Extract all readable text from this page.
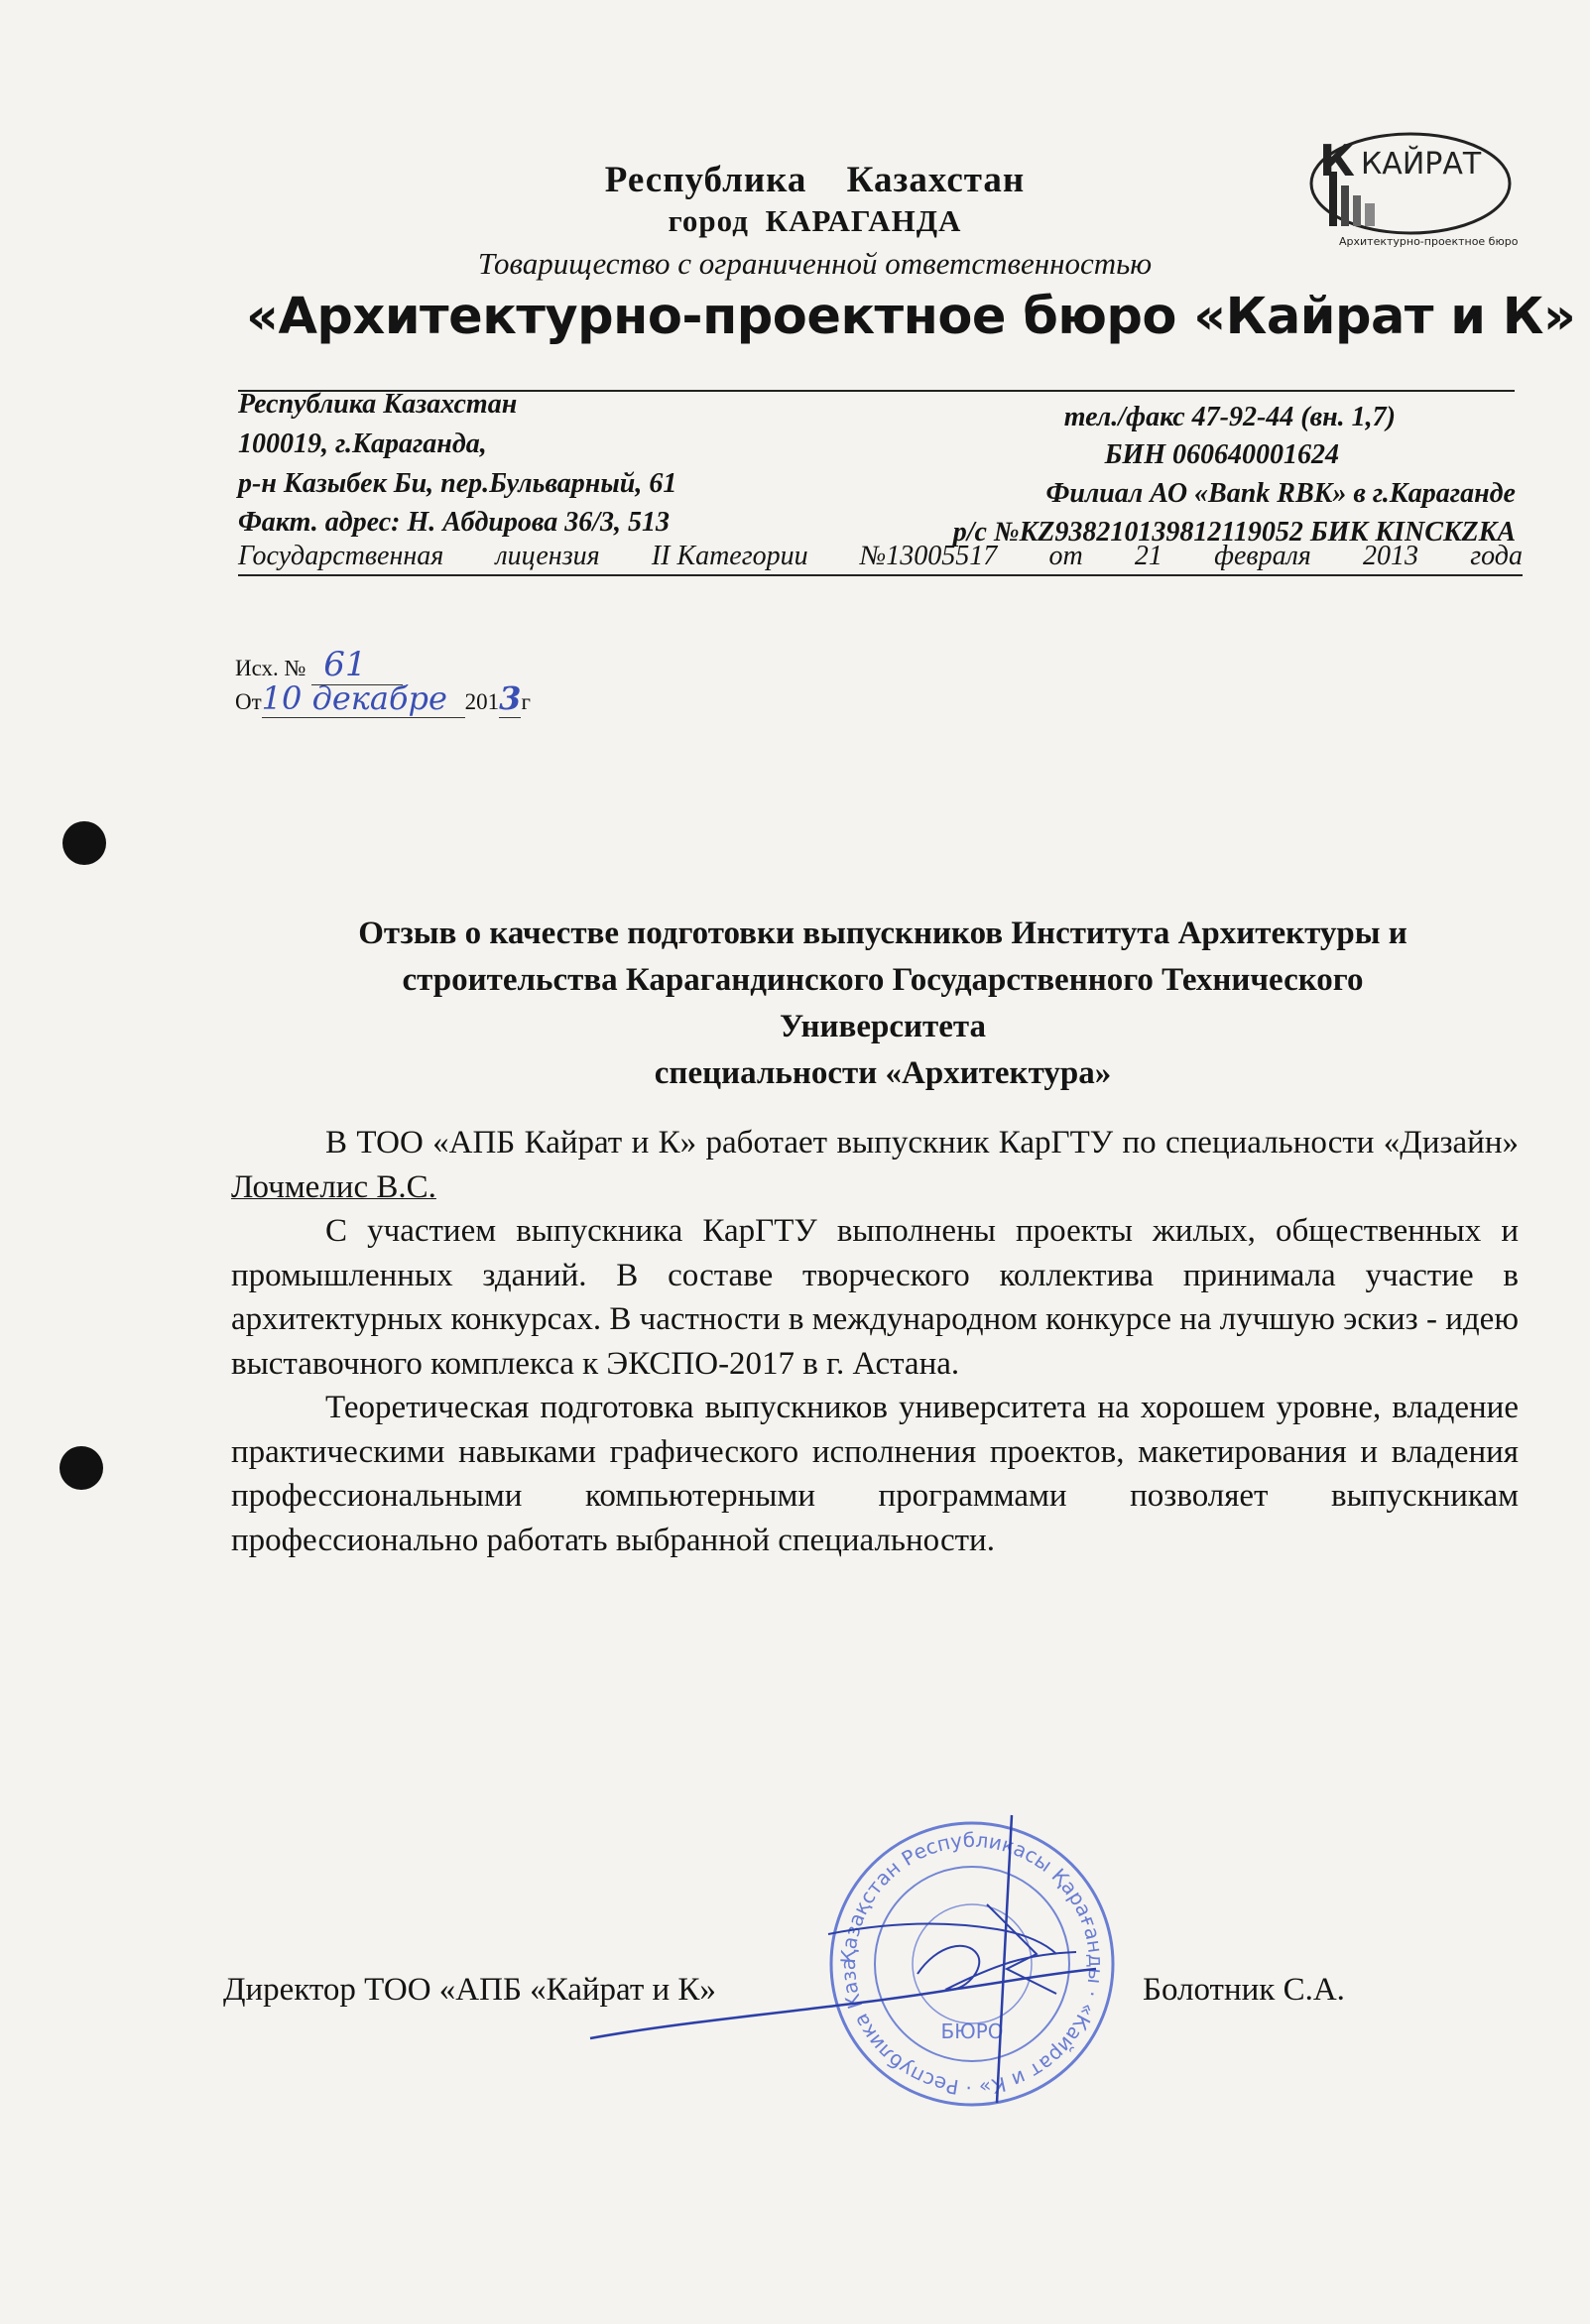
К КАЙРАТ
Архитектурно-проектное бюро
Республика Казахстан
город КАРАГАНДА
Товарищество с ограниченной ответственностью
«Архитектурно-проектное бюро «Кайрат и К»
Республика Казахстан
100019, г.Караганда,
р-н Казыбек Би, пер.Бульварный, 61
Факт. адрес: Н. Абдирова 36/3, 513
тел./факс 47-92-44 (вн. 1,7)
БИН 060640001624
Филиал АО «Bank RBK» в г.Караганде
р/с №KZ938210139812119052 БИК KINCKZKA
Государственная лицензия II Категории №13005517 от 21 февраля 2013 года
Исх. № 61
От10 декабре 2013г
Отзыв о качестве подготовки выпускников Института Архитектуры и
строительства Карагандинского Государственного Технического
Университета
специальности «Архитектура»

В ТОО «АПБ Кайрат и К» работает выпускник КарГТУ по специальности «Дизайн» Лочмелис В.С.

С участием выпускника КарГТУ выполнены проекты жилых, общественных и промышленных зданий. В составе творческого коллектива принимала участие в архитектурных конкурсах. В частности в международном конкурсе на лучшую эскиз - идею выставочного комплекса к ЭКСПО-2017 в г. Астана.

Теоретическая подготовка выпускников университета на хорошем уровне, владение практическими навыками графического исполнения проектов, макетирования и владения профессиональными компьютерными программами позволяет выпускникам профессионально работать выбранной специальности.

Қазақстан Республикасы Қарағанды · «Кайрат и К» · Республика Каза
БЮРО
Директор ТОО «АПБ «Кайрат и К»	Болотник С.А.
